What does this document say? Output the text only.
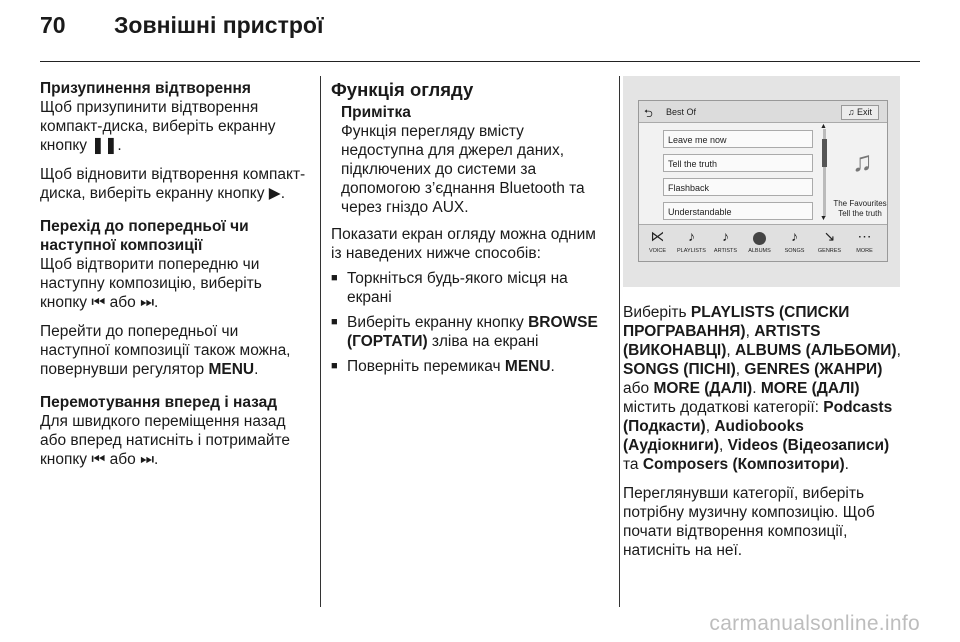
70 Зовнішні пристрої

Призупинення відтворення

Щоб призупинити відтворення компакт-диска, виберіть екранну кнопку ❚❚.

Щоб відновити відтворення компакт-диска, виберіть екранну кнопку ▶.

Перехід до попередньої чи наступної композиції

Щоб відтворити попередню чи наступну композицію, виберіть кнопку ⏮ або ⏭.

Перейти до попередньої чи наступної композиції також можна, повернувши регулятор MENU.

Перемотування вперед і назад

Для швидкого переміщення назад або вперед натисніть і потримайте кнопку ⏮ або ⏭.

Функція огляду

Примітка

Функція перегляду вмісту недоступна для джерел даних, підключених до системи за допомогою з’єднання Bluetooth та через гніздо AUX.

Показати екран огляду можна одним із наведених нижче способів:

■ Торкніться будь-якого місця на екрані
■ Виберіть екранну кнопку BROWSE (ГОРТАТИ) зліва на екрані
■ Поверніть перемикач MENU.
⮌ Best Of	♫ Exit
Leave me now
Tell the truth
Flashback
Understandable
▲
▼
♫
The Favourites
Tell the truth
⋉
VOICE
♪
PLAYLISTS
♪
ARTISTS	ALBUMS
♪
SONGS
↘
GENRES
⋯
MORE

Виберіть PLAYLISTS (СПИСКИ ПРОГРАВАННЯ), ARTISTS (ВИКОНАВЦІ), ALBUMS (АЛЬБОМИ), SONGS (ПІСНІ), GENRES (ЖАНРИ) або MORE (ДАЛІ). MORE (ДАЛІ) містить додаткові категорії: Podcasts (Подкасти), Audiobooks (Аудіокниги), Videos (Відеозаписи) та Composers (Композитори).

Переглянувши категорії, виберіть потрібну музичну композицію. Щоб почати відтворення композиції, натисніть на неї.

carmanualsonline.info
